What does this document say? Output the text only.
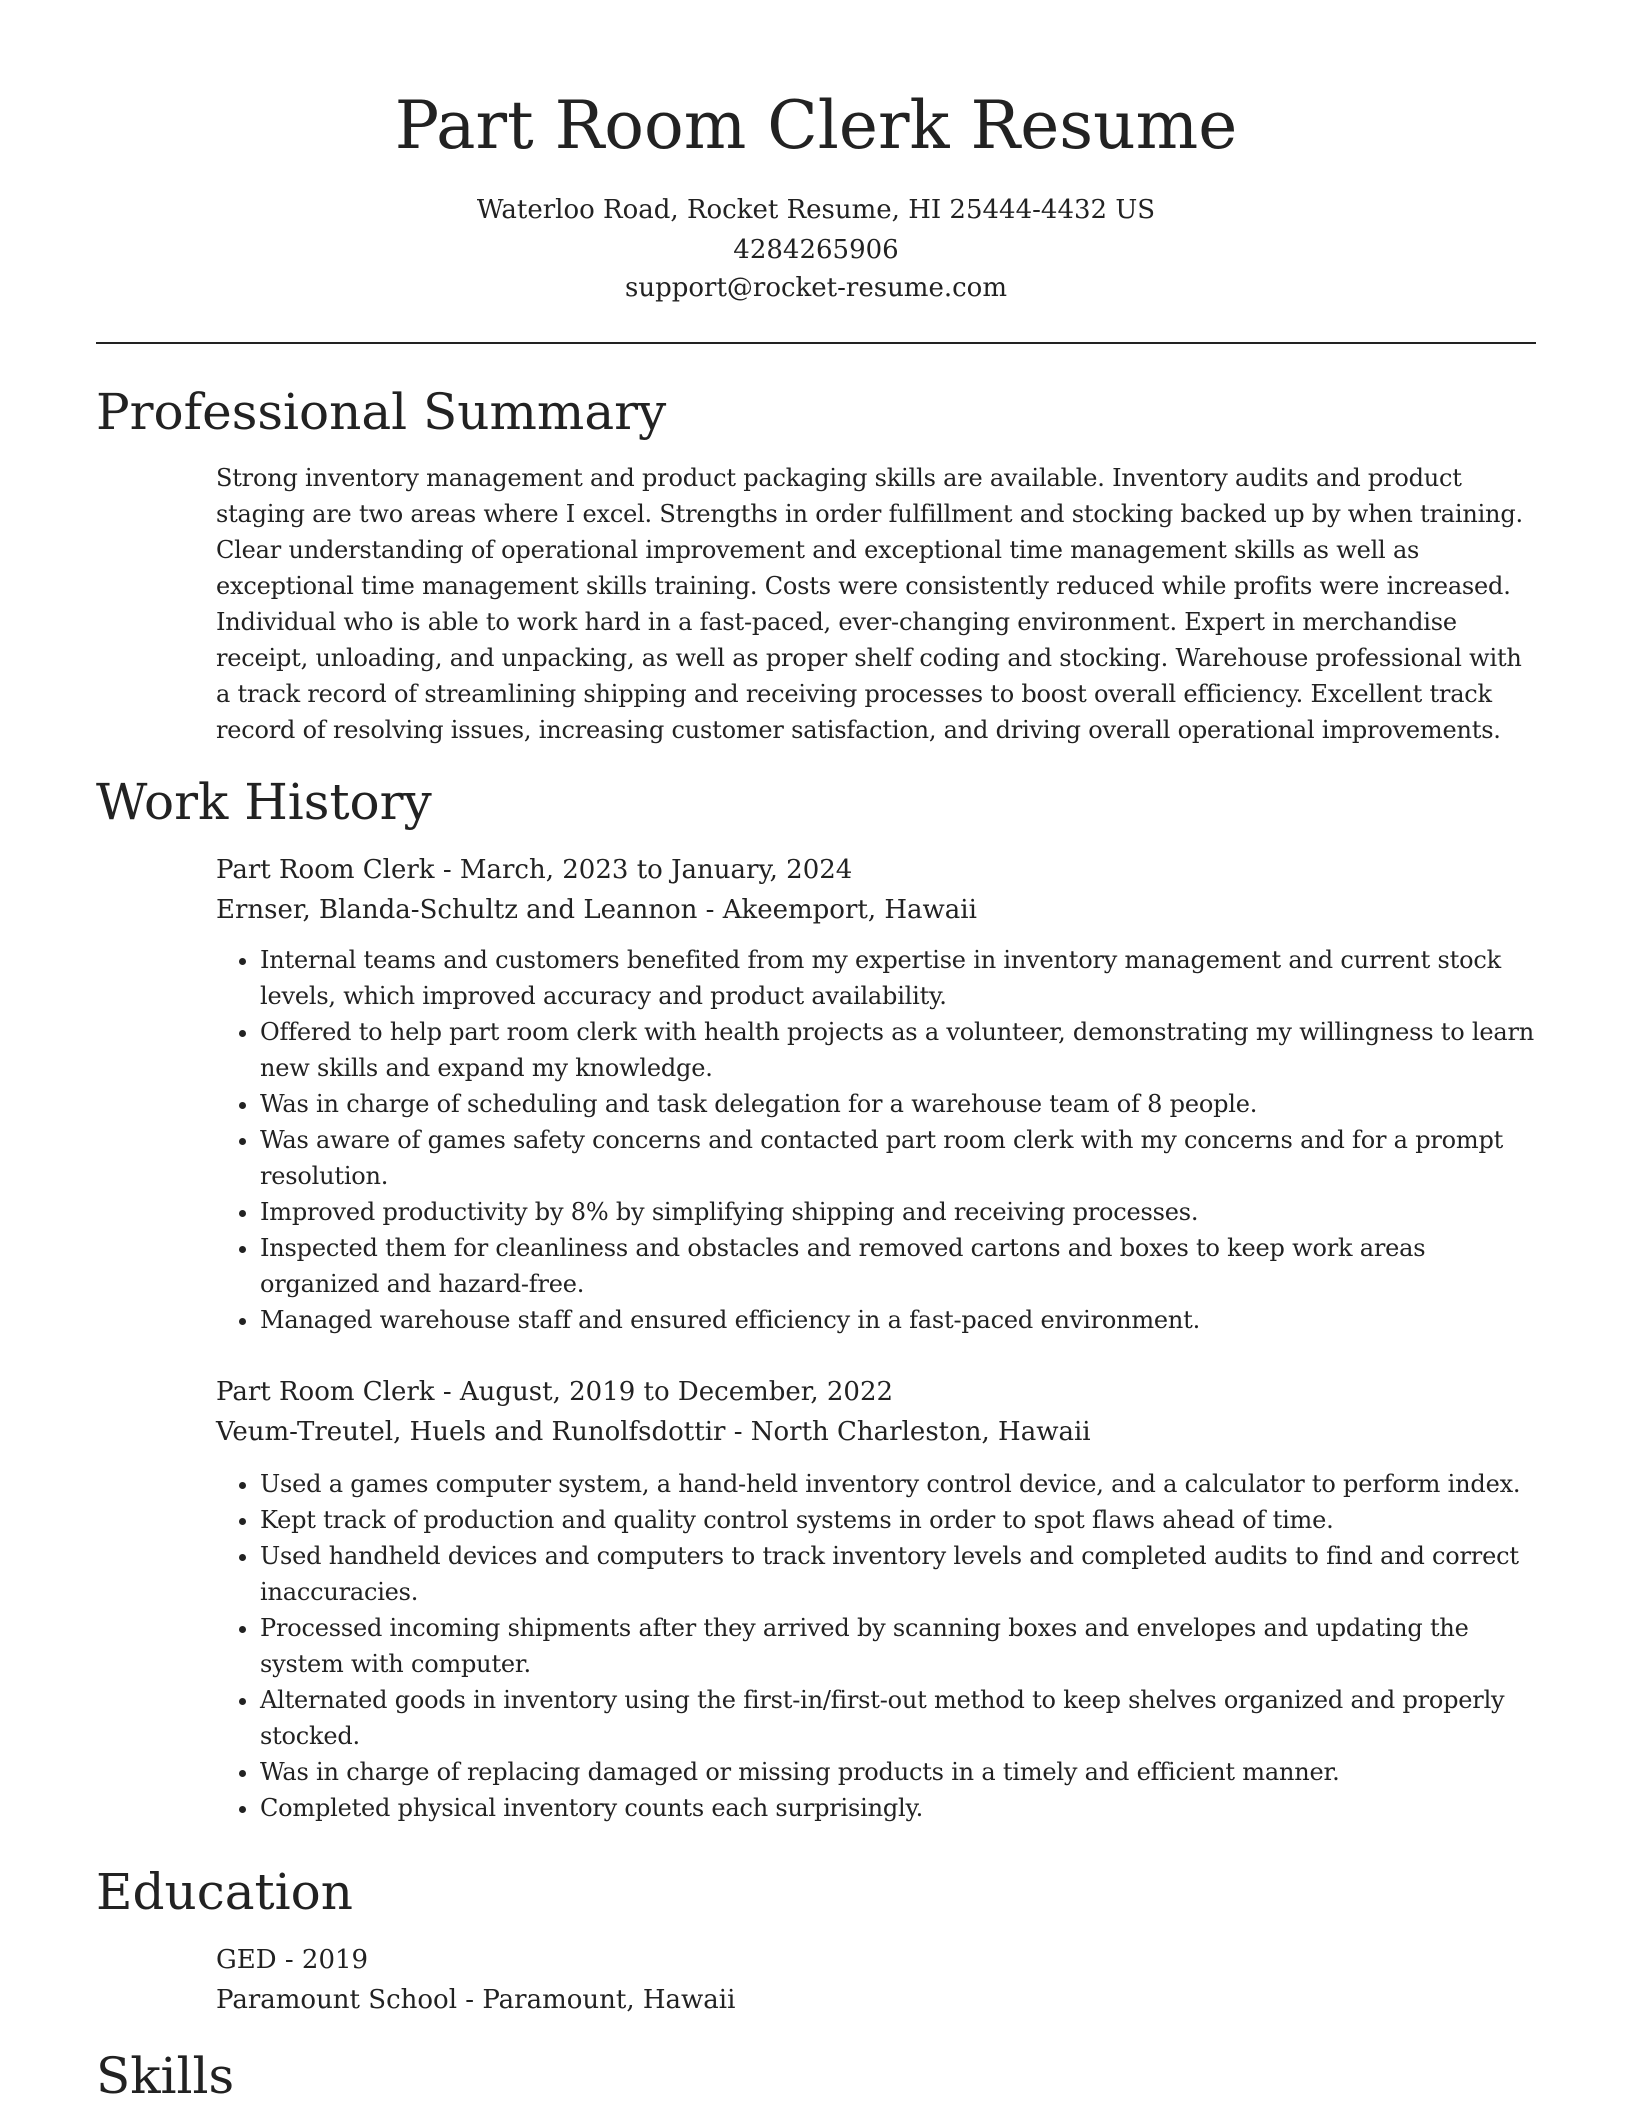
Part Room Clerk Resume

Waterloo Road, Rocket Resume, HI 25444-4432 US

4284265906

support@rocket-resume.com

Professional Summary

Strong inventory management and product packaging skills are available. Inventory audits and product staging are two areas where I excel. Strengths in order fulfillment and stocking backed up by when training. Clear understanding of operational improvement and exceptional time management skills as well as exceptional time management skills training. Costs were consistently reduced while profits were increased. Individual who is able to work hard in a fast-paced, ever-changing environment. Expert in merchandise receipt, unloading, and unpacking, as well as proper shelf coding and stocking. Warehouse professional with a track record of streamlining shipping and receiving processes to boost overall efficiency. Excellent track record of resolving issues, increasing customer satisfaction, and driving overall operational improvements.

Work History

Part Room Clerk - March, 2023 to January, 2024

Ernser, Blanda-Schultz and Leannon - Akeemport, Hawaii

• Internal teams and customers benefited from my expertise in inventory management and current stock levels, which improved accuracy and product availability.
• Offered to help part room clerk with health projects as a volunteer, demonstrating my willingness to learn new skills and expand my knowledge.
• Was in charge of scheduling and task delegation for a warehouse team of 8 people.
• Was aware of games safety concerns and contacted part room clerk with my concerns and for a prompt resolution.
• Improved productivity by 8% by simplifying shipping and receiving processes.
• Inspected them for cleanliness and obstacles and removed cartons and boxes to keep work areas organized and hazard-free.
• Managed warehouse staff and ensured efficiency in a fast-paced environment.

Part Room Clerk - August, 2019 to December, 2022

Veum-Treutel, Huels and Runolfsdottir - North Charleston, Hawaii

• Used a games computer system, a hand-held inventory control device, and a calculator to perform index.
• Kept track of production and quality control systems in order to spot flaws ahead of time.
• Used handheld devices and computers to track inventory levels and completed audits to find and correct inaccuracies.
• Processed incoming shipments after they arrived by scanning boxes and envelopes and updating the system with computer.
• Alternated goods in inventory using the first-in/first-out method to keep shelves organized and properly stocked.
• Was in charge of replacing damaged or missing products in a timely and efficient manner.
• Completed physical inventory counts each surprisingly.
Education

GED - 2019

Paramount School - Paramount, Hawaii

Skills
